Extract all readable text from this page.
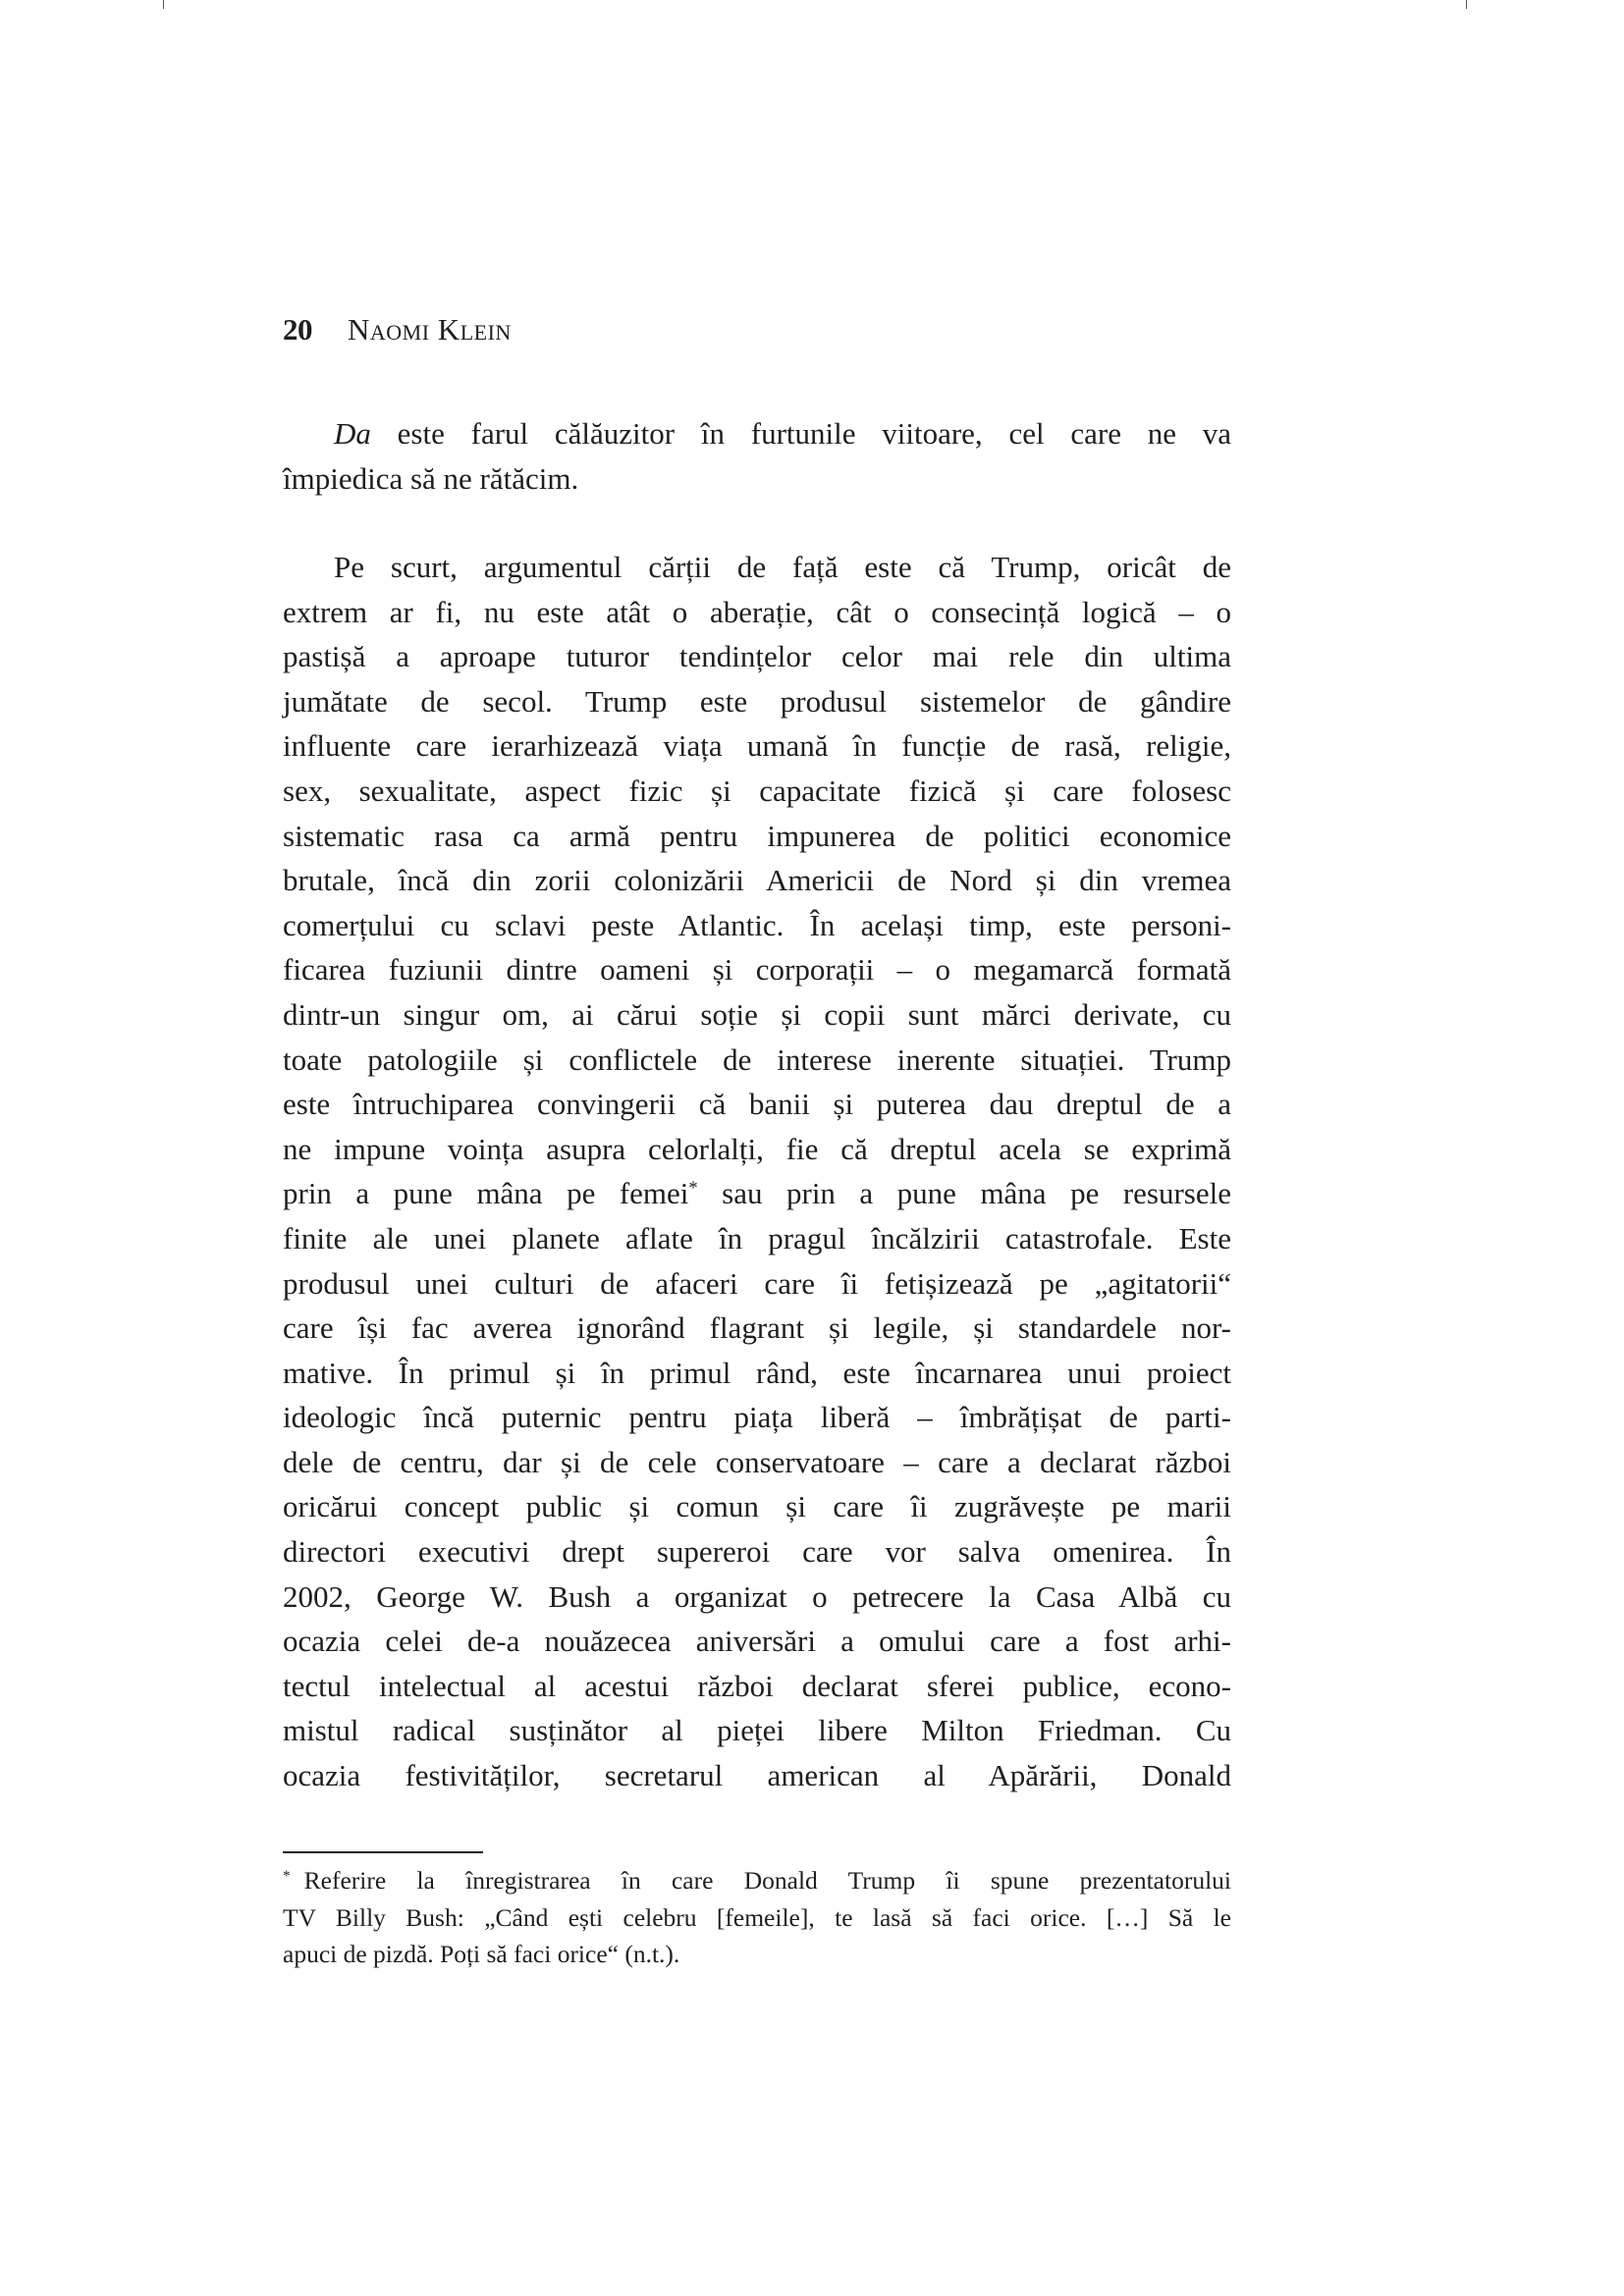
20 Naomi Klein
Da este farul călăuzitor în furtunile viitoare, cel care ne va
împiedica să ne rătăcim.
Pe scurt, argumentul cărții de față este că Trump, oricât de
extrem ar fi, nu este atât o aberație, cât o consecință logică – o
pastișă a aproape tuturor tendințelor celor mai rele din ultima
jumătate de secol. Trump este produsul sistemelor de gândire
influente care ierarhizează viața umană în funcție de rasă, religie,
sex, sexualitate, aspect fizic și capacitate fizică și care folosesc
sistematic rasa ca armă pentru impunerea de politici economice
brutale, încă din zorii colonizării Americii de Nord și din vremea
comerțului cu sclavi peste Atlantic. În același timp, este personi-
ficarea fuziunii dintre oameni și corporații – o megamarcă formată
dintr-un singur om, ai cărui soție și copii sunt mărci derivate, cu
toate patologiile și conflictele de interese inerente situației. Trump
este întruchiparea convingerii că banii și puterea dau dreptul de a
ne impune voința asupra celorlalți, fie că dreptul acela se exprimă
prin a pune mâna pe femei* sau prin a pune mâna pe resursele
finite ale unei planete aflate în pragul încălzirii catastrofale. Este
produsul unei culturi de afaceri care îi fetișizează pe „agitatorii“
care își fac averea ignorând flagrant și legile, și standardele nor-
mative. În primul și în primul rând, este încarnarea unui proiect
ideologic încă puternic pentru piața liberă – îmbrățișat de parti-
dele de centru, dar și de cele conservatoare – care a declarat război
oricărui concept public și comun și care îi zugrăvește pe marii
directori executivi drept supereroi care vor salva omenirea. În
2002, George W. Bush a organizat o petrecere la Casa Albă cu
ocazia celei de-a nouăzecea aniversări a omului care a fost arhi-
tectul intelectual al acestui război declarat sferei publice, econo-
mistul radical susținător al pieței libere Milton Friedman. Cu
ocazia festivităților, secretarul american al Apărării, Donald
* Referire la înregistrarea în care Donald Trump îi spune prezentatorului
TV Billy Bush: „Când ești celebru [femeile], te lasă să faci orice. […] Să le
apuci de pizdă. Poți să faci orice“ (n.t.).
